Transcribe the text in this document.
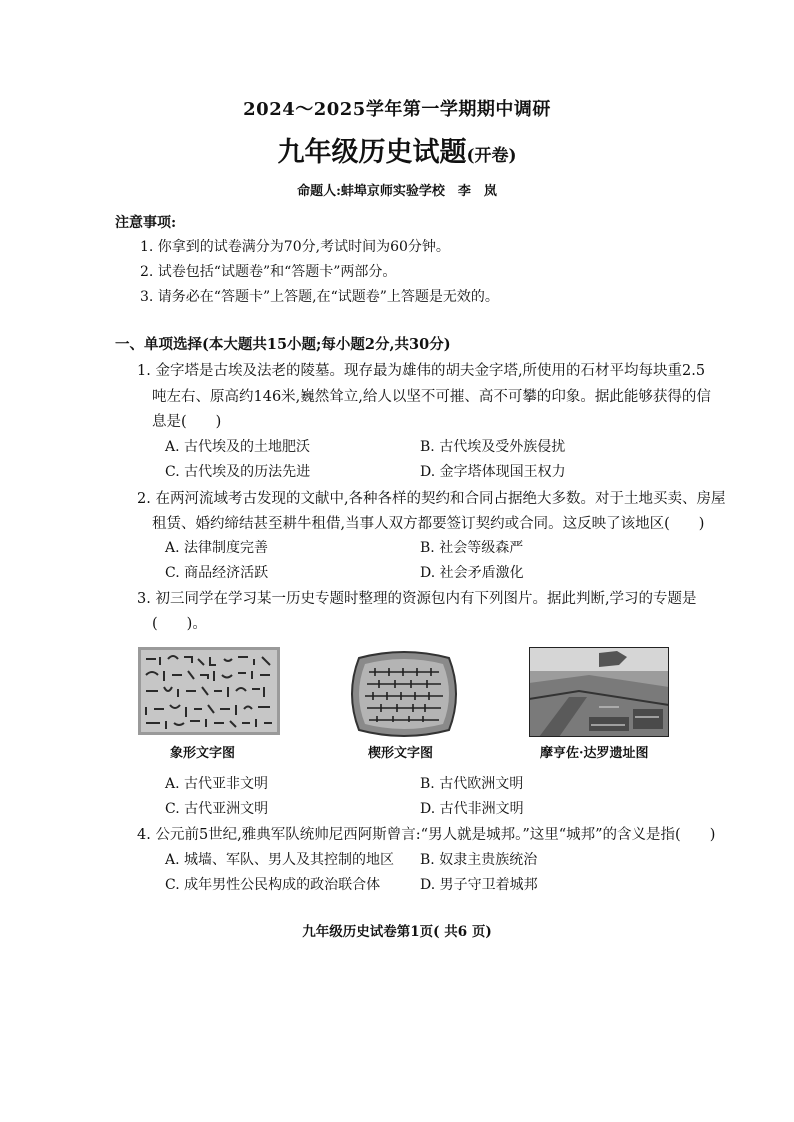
2024～2025学年第一学期期中调研
九年级历史试题(开卷)
命题人:蚌埠京师实验学校　李　岚
注意事项:
1. 你拿到的试卷满分为70分,考试时间为60分钟。
2. 试卷包括“试题卷”和“答题卡”两部分。
3. 请务必在“答题卡”上答题,在“试题卷”上答题是无效的。
一、单项选择(本大题共15小题;每小题2分,共30分)
1. 金字塔是古埃及法老的陵墓。现存最为雄伟的胡夫金字塔,所使用的石材平均每块重2.5
吨左右、原高约146米,巍然耸立,给人以坚不可摧、高不可攀的印象。据此能够获得的信
息是(　　)
A. 古代埃及的土地肥沃	B. 古代埃及受外族侵扰
C. 古代埃及的历法先进	D. 金字塔体现国王权力
2. 在两河流域考古发现的文献中,各种各样的契约和合同占据绝大多数。对于土地买卖、房屋
租赁、婚约缔结甚至耕牛租借,当事人双方都要签订契约或合同。这反映了该地区(　　)
A. 法律制度完善	B. 社会等级森严
C. 商品经济活跃	D. 社会矛盾激化
3. 初三同学在学习某一历史专题时整理的资源包内有下列图片。据此判断,学习的专题是
(　　)。
象形文字图	楔形文字图	摩亨佐·达罗遗址图
A. 古代亚非文明	B. 古代欧洲文明
C. 古代亚洲文明	D. 古代非洲文明
4. 公元前5世纪,雅典军队统帅尼西阿斯曾言:“男人就是城邦。”这里“城邦”的含义是指(　　)
A. 城墙、军队、男人及其控制的地区 B. 奴隶主贵族统治
C. 成年男性公民构成的政治联合体	D. 男子守卫着城邦
九年级历史试卷第1页( 共6 页)
